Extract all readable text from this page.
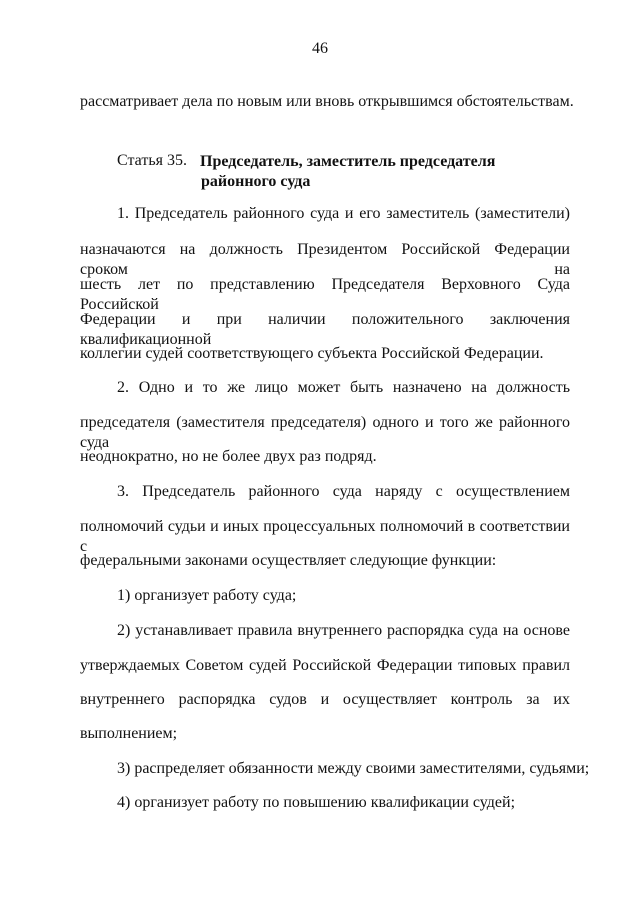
46
рассматривает дела по новым или вновь открывшимся обстоятельствам.
Статья 35. Председатель, заместитель председателя
районного суда
1. Председатель районного суда и его заместитель (заместители)
назначаются на должность Президентом Российской Федерации сроком на
шесть лет по представлению Председателя Верховного Суда Российской
Федерации и при наличии положительного заключения квалификационной
коллегии судей соответствующего субъекта Российской Федерации.
2. Одно и то же лицо может быть назначено на должность
председателя (заместителя председателя) одного и того же районного суда
неоднократно, но не более двух раз подряд.
3. Председатель районного суда наряду с осуществлением
полномочий судьи и иных процессуальных полномочий в соответствии с
федеральными законами осуществляет следующие функции:
1) организует работу суда;
2) устанавливает правила внутреннего распорядка суда на основе
утверждаемых Советом судей Российской Федерации типовых правил
внутреннего распорядка судов и осуществляет контроль за их
выполнением;
3) распределяет обязанности между своими заместителями, судьями;
4) организует работу по повышению квалификации судей;
